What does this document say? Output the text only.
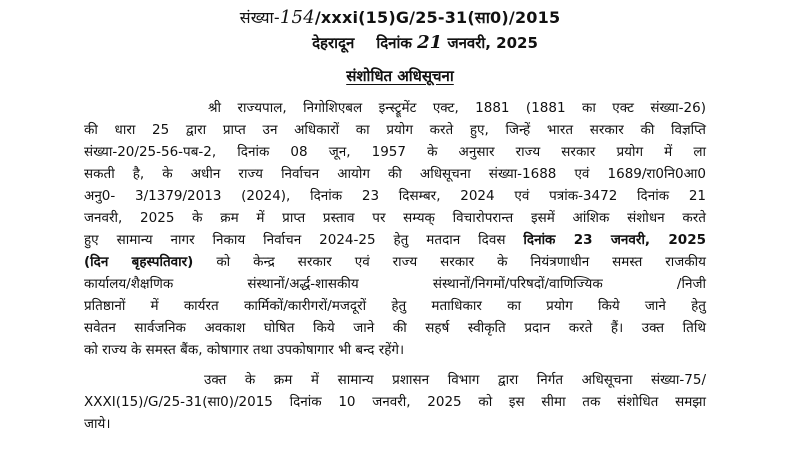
संख्या-154/xxxi(15)G/25-31(सा0)/2015
देहरादून दिनांक 21 जनवरी, 2025
संशोधित अधिसूचना
श्री राज्यपाल, निगोशिएबल इन्स्ट्रूमेंट एक्ट, 1881 (1881 का एक्ट संख्या-26)
की धारा 25 द्वारा प्राप्त उन अधिकारों का प्रयोग करते हुए, जिन्हें भारत सरकार की विज्ञप्ति
संख्या-20/25-56-पब-2, दिनांक 08 जून, 1957 के अनुसार राज्य सरकार प्रयोग में ला
सकती है, के अधीन राज्य निर्वाचन आयोग की अधिसूचना संख्या-1688 एवं 1689/रा0नि0आ0
अनु0- 3/1379/2013 (2024), दिनांक 23 दिसम्बर, 2024 एवं पत्रांक-3472 दिनांक 21
जनवरी, 2025 के क्रम में प्राप्त प्रस्ताव पर सम्यक् विचारोपरान्त इसमें आंशिक संशोधन करते
हुए सामान्य नागर निकाय निर्वाचन 2024-25 हेतु मतदान दिवस दिनांक 23 जनवरी, 2025
(दिन बृहस्पतिवार) को केन्द्र सरकार एवं राज्य सरकार के नियंत्रणाधीन समस्त राजकीय
कार्यालय/शैक्षणिक संस्थानों/अर्द्ध-शासकीय संस्थानों/निगमों/परिषदों/वाणिज्यिक /निजी
प्रतिष्ठानों में कार्यरत कार्मिकों/कारीगरों/मजदूरों हेतु मताधिकार का प्रयोग किये जाने हेतु
सवेतन सार्वजनिक अवकाश घोषित किये जाने की सहर्ष स्वीकृति प्रदान करते हैं। उक्त तिथि
को राज्य के समस्त बैंक, कोषागार तथा उपकोषागार भी बन्द रहेंगे।
उक्त के क्रम में सामान्य प्रशासन विभाग द्वारा निर्गत अधिसूचना संख्या-75/
XXXI(15)/G/25-31(सा0)/2015 दिनांक 10 जनवरी, 2025 को इस सीमा तक संशोधित समझा
जाये।
